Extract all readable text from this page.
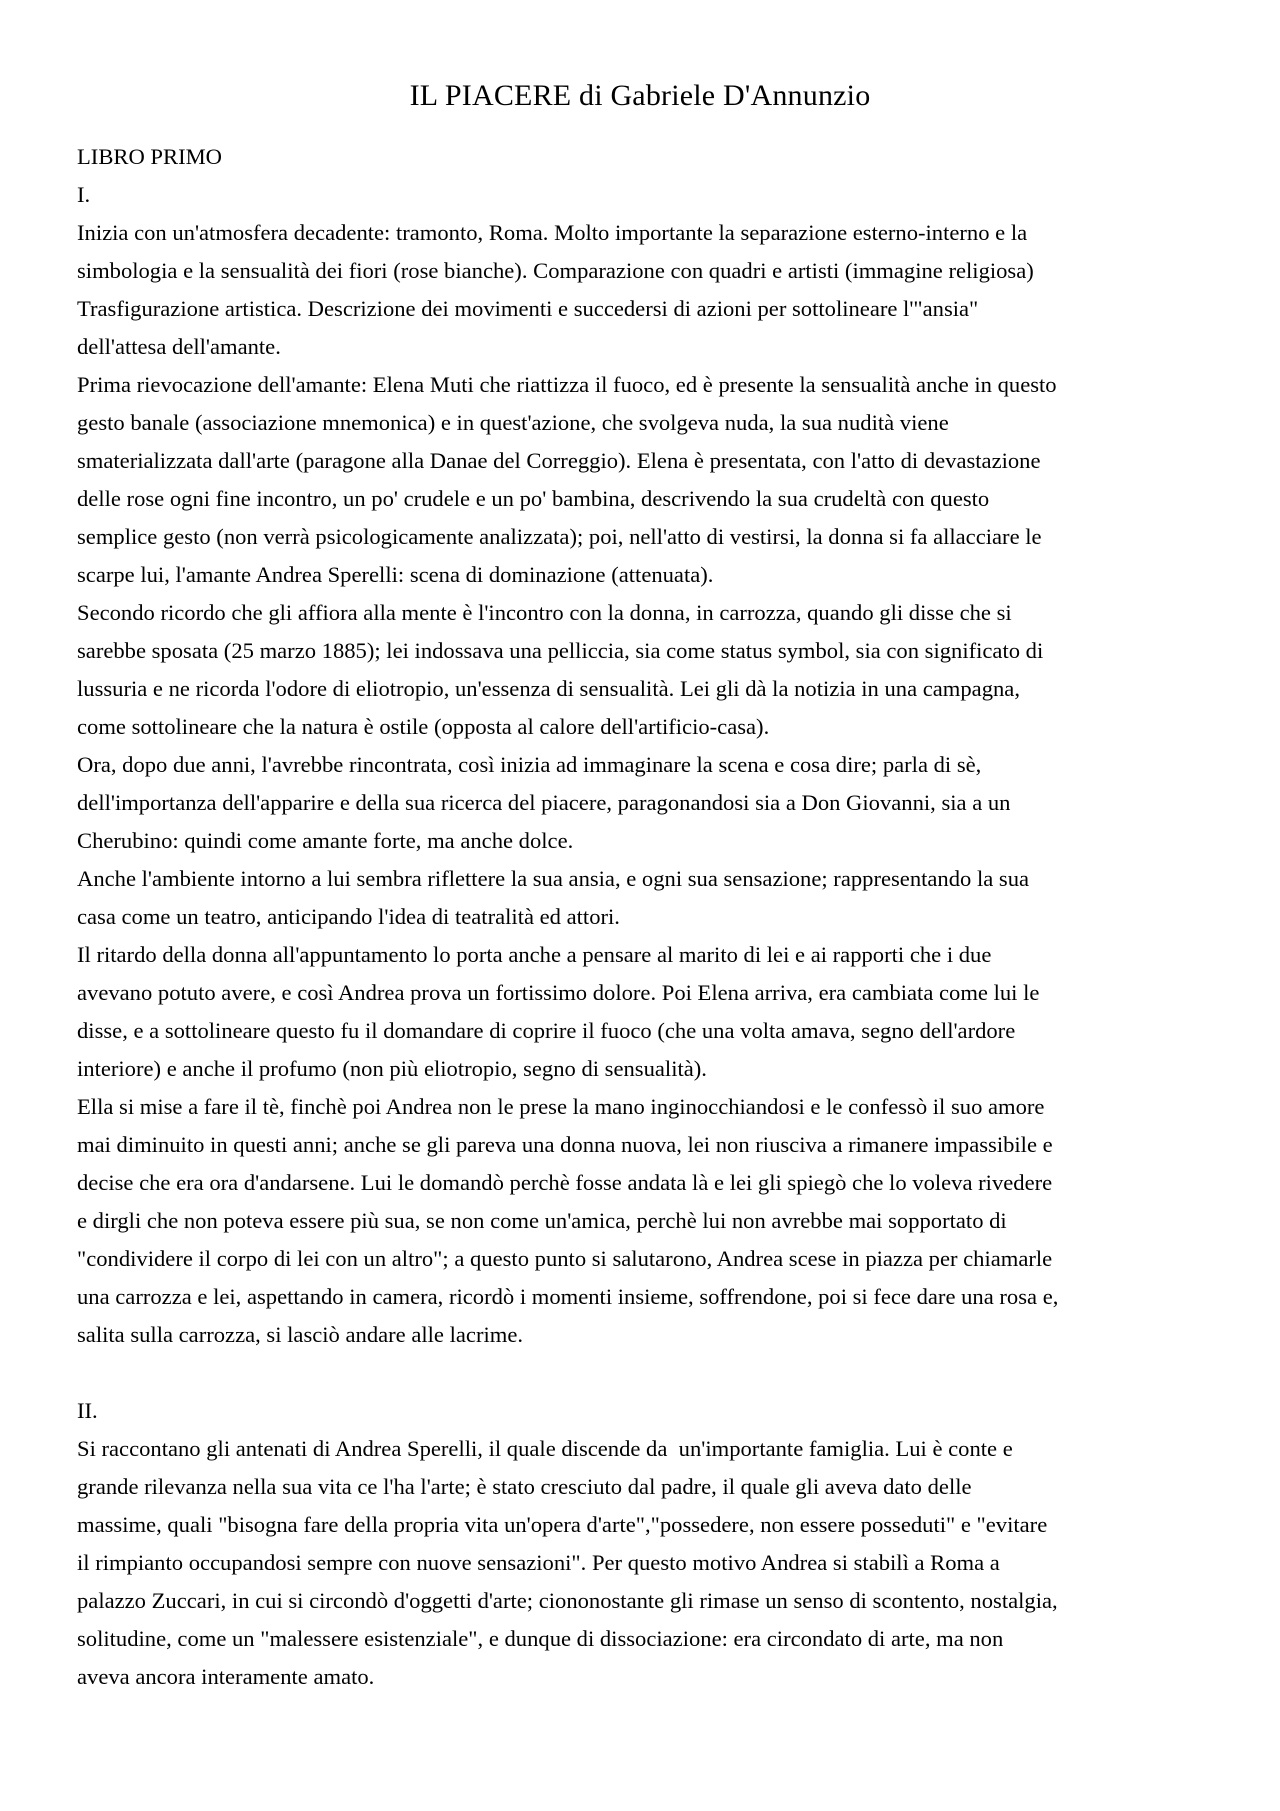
IL PIACERE di Gabriele D'Annunzio
LIBRO PRIMO
I.
Inizia con un'atmosfera decadente: tramonto, Roma. Molto importante la separazione esterno-interno e la
simbologia e la sensualità dei fiori (rose bianche). Comparazione con quadri e artisti (immagine religiosa)
Trasfigurazione artistica. Descrizione dei movimenti e succedersi di azioni per sottolineare l'"ansia"
dell'attesa dell'amante.
Prima rievocazione dell'amante: Elena Muti che riattizza il fuoco, ed è presente la sensualità anche in questo
gesto banale (associazione mnemonica) e in quest'azione, che svolgeva nuda, la sua nudità viene
smaterializzata dall'arte (paragone alla Danae del Correggio). Elena è presentata, con l'atto di devastazione
delle rose ogni fine incontro, un po' crudele e un po' bambina, descrivendo la sua crudeltà con questo
semplice gesto (non verrà psicologicamente analizzata); poi, nell'atto di vestirsi, la donna si fa allacciare le
scarpe lui, l'amante Andrea Sperelli: scena di dominazione (attenuata).
Secondo ricordo che gli affiora alla mente è l'incontro con la donna, in carrozza, quando gli disse che si
sarebbe sposata (25 marzo 1885); lei indossava una pelliccia, sia come status symbol, sia con significato di
lussuria e ne ricorda l'odore di eliotropio, un'essenza di sensualità. Lei gli dà la notizia in una campagna,
come sottolineare che la natura è ostile (opposta al calore dell'artificio-casa).
Ora, dopo due anni, l'avrebbe rincontrata, così inizia ad immaginare la scena e cosa dire; parla di sè,
dell'importanza dell'apparire e della sua ricerca del piacere, paragonandosi sia a Don Giovanni, sia a un
Cherubino: quindi come amante forte, ma anche dolce.
Anche l'ambiente intorno a lui sembra riflettere la sua ansia, e ogni sua sensazione; rappresentando la sua
casa come un teatro, anticipando l'idea di teatralità ed attori.
Il ritardo della donna all'appuntamento lo porta anche a pensare al marito di lei e ai rapporti che i due
avevano potuto avere, e così Andrea prova un fortissimo dolore. Poi Elena arriva, era cambiata come lui le
disse, e a sottolineare questo fu il domandare di coprire il fuoco (che una volta amava, segno dell'ardore
interiore) e anche il profumo (non più eliotropio, segno di sensualità).
Ella si mise a fare il tè, finchè poi Andrea non le prese la mano inginocchiandosi e le confessò il suo amore
mai diminuito in questi anni; anche se gli pareva una donna nuova, lei non riusciva a rimanere impassibile e
decise che era ora d'andarsene. Lui le domandò perchè fosse andata là e lei gli spiegò che lo voleva rivedere
e dirgli che non poteva essere più sua, se non come un'amica, perchè lui non avrebbe mai sopportato di
"condividere il corpo di lei con un altro"; a questo punto si salutarono, Andrea scese in piazza per chiamarle
una carrozza e lei, aspettando in camera, ricordò i momenti insieme, soffrendone, poi si fece dare una rosa e,
salita sulla carrozza, si lasciò andare alle lacrime.
II.
Si raccontano gli antenati di Andrea Sperelli, il quale discende da  un'importante famiglia. Lui è conte e
grande rilevanza nella sua vita ce l'ha l'arte; è stato cresciuto dal padre, il quale gli aveva dato delle
massime, quali "bisogna fare della propria vita un'opera d'arte","possedere, non essere posseduti" e "evitare
il rimpianto occupandosi sempre con nuove sensazioni". Per questo motivo Andrea si stabilì a Roma a
palazzo Zuccari, in cui si circondò d'oggetti d'arte; ciononostante gli rimase un senso di scontento, nostalgia,
solitudine, come un "malessere esistenziale", e dunque di dissociazione: era circondato di arte, ma non
aveva ancora interamente amato.
